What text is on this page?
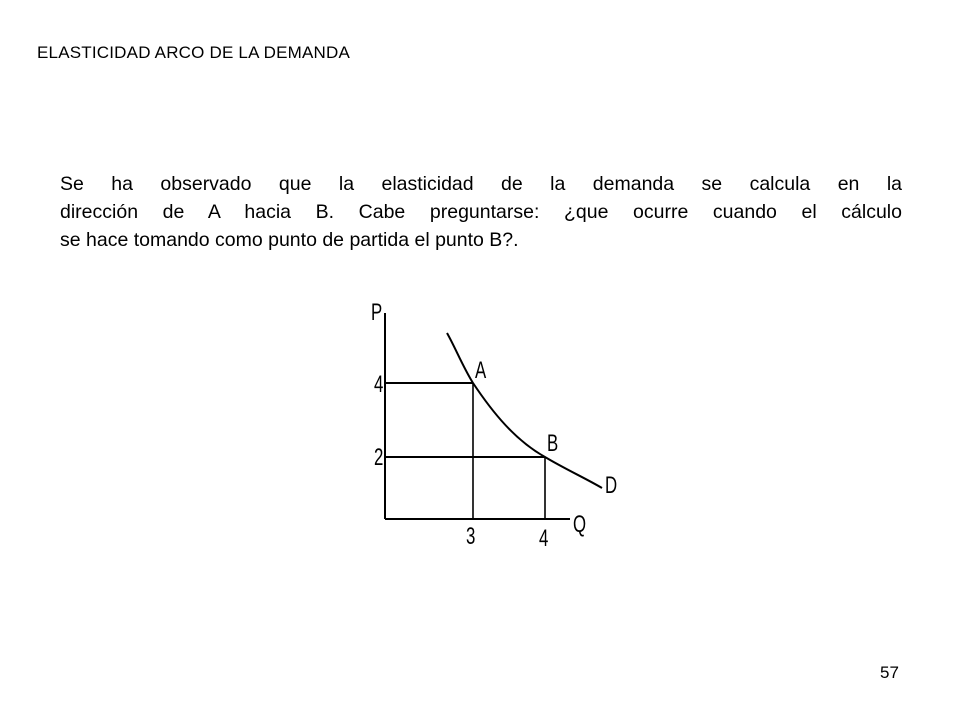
ELASTICIDAD ARCO DE LA DEMANDA
Se ha observado que la elasticidad de la demanda se calcula en la
dirección de A hacia B. Cabe preguntarse: ¿que ocurre cuando el cálculo
se hace tomando como punto de partida el punto B?.
P
Q
D
A
B
4
2
3	4
57
